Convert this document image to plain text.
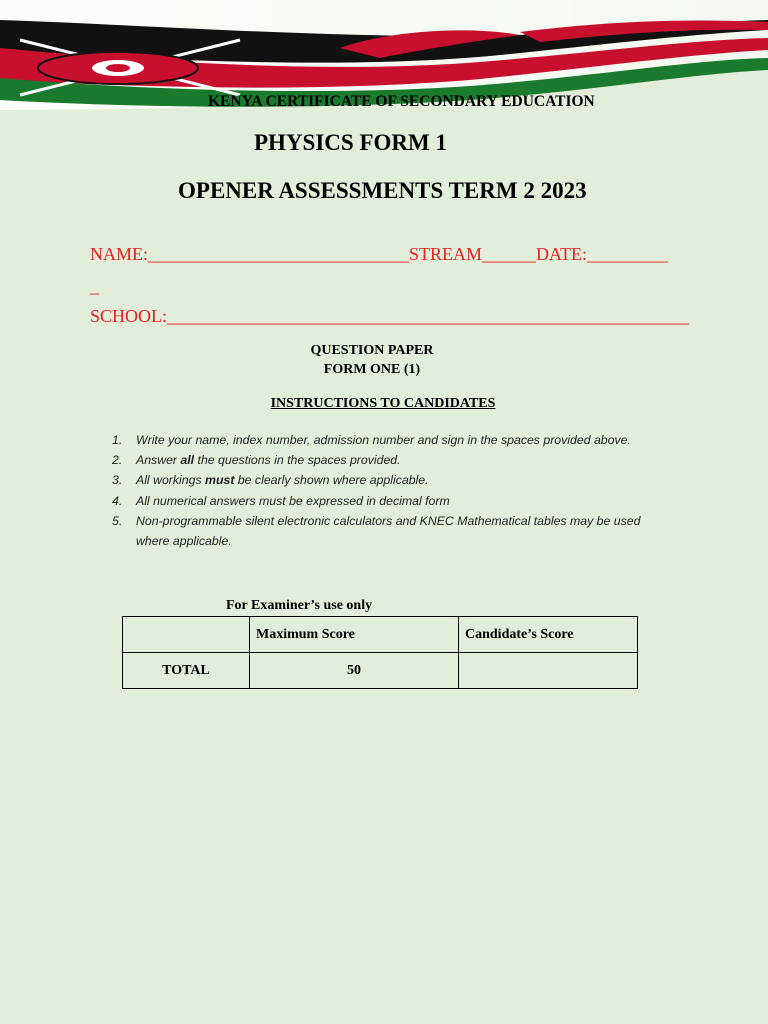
KENYA CERTIFICATE OF SECONDARY EDUCATION
PHYSICS FORM 1
OPENER ASSESSMENTS TERM 2 2023
NAME:_____________________________STREAM______DATE:_________
_
SCHOOL:__________________________________________________________
QUESTION PAPER
FORM ONE (1)
INSTRUCTIONS TO CANDIDATES
1. Write your name, index number, admission number and sign in the spaces provided above.
2. Answer all the questions in the spaces provided.
3. All workings must be clearly shown where applicable.
4. All numerical answers must be expressed in decimal form
5. Non-programmable silent electronic calculators and KNEC Mathematical tables may be used where applicable.
For Examiner’s use only
	Maximum Score	Candidate’s Score
TOTAL	50	
